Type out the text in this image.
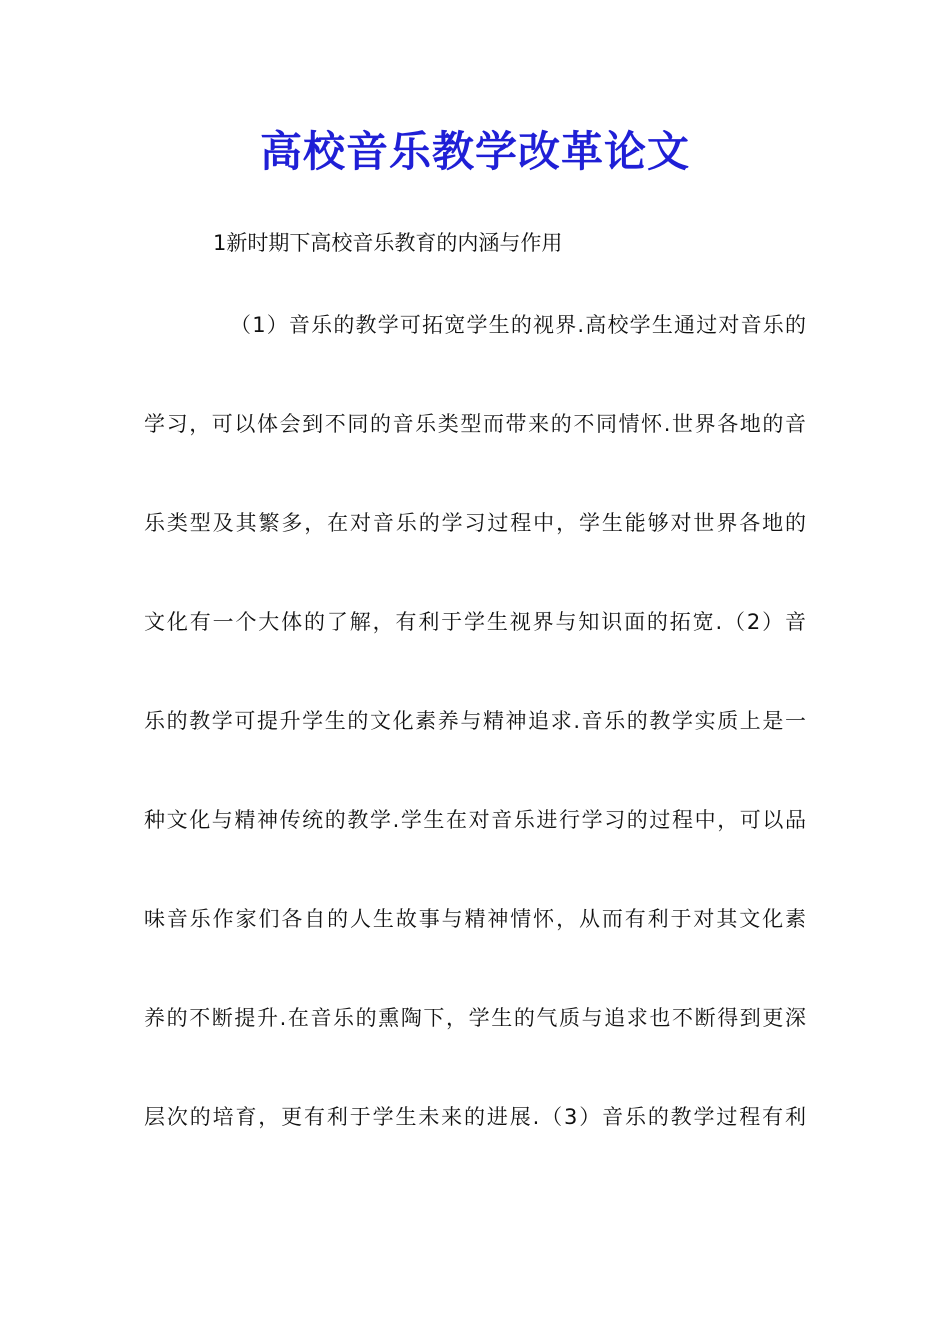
高校音乐教学改革论文

1新时期下高校音乐教育的内涵与作用

（1）音乐的教学可拓宽学生的视界.高校学生通过对音乐的

学习，可以体会到不同的音乐类型而带来的不同情怀.世界各地的音

乐类型及其繁多，在对音乐的学习过程中，学生能够对世界各地的

文化有一个大体的了解，有利于学生视界与知识面的拓宽.（2）音

乐的教学可提升学生的文化素养与精神追求.音乐的教学实质上是一

种文化与精神传统的教学.学生在对音乐进行学习的过程中，可以品

味音乐作家们各自的人生故事与精神情怀，从而有利于对其文化素

养的不断提升.在音乐的熏陶下，学生的气质与追求也不断得到更深

层次的培育，更有利于学生未来的进展.（3）音乐的教学过程有利
